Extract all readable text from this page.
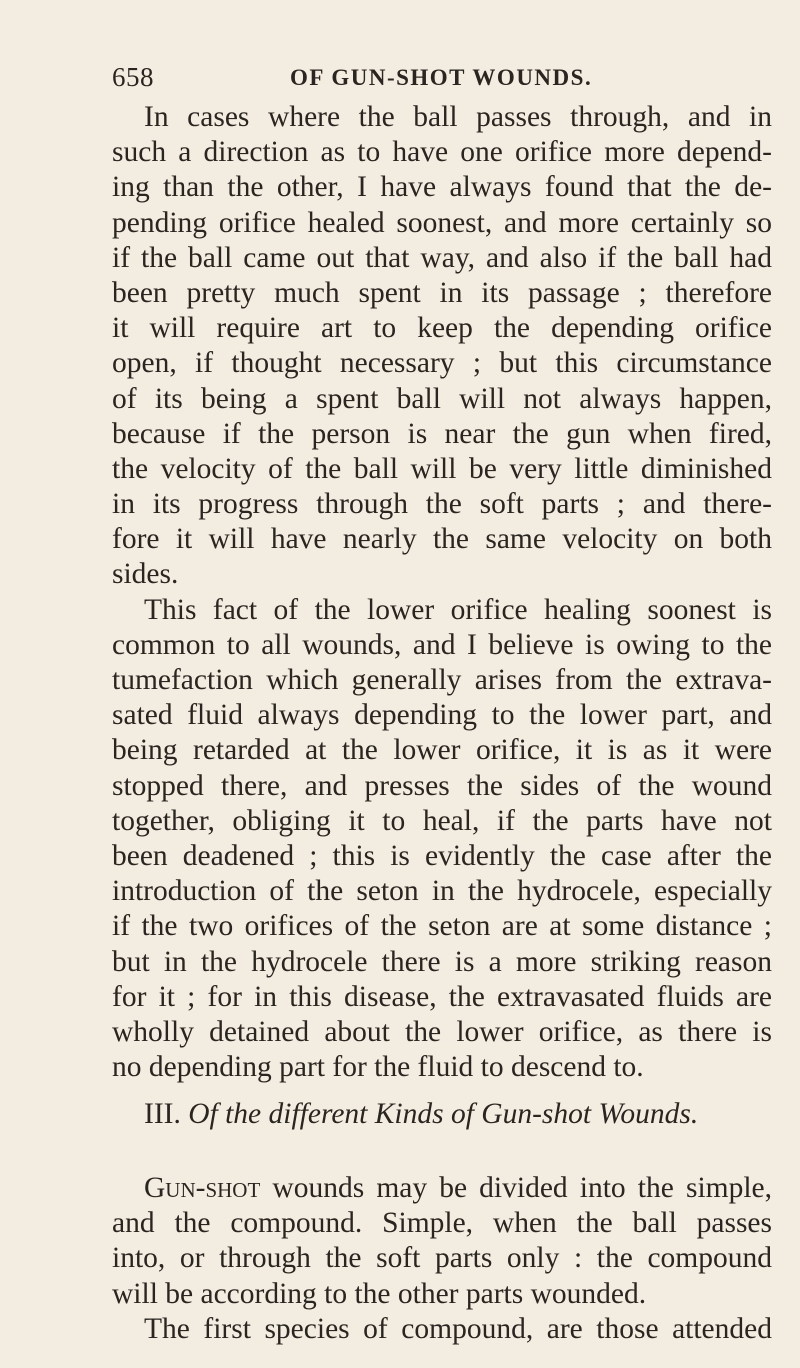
658	OF GUN-SHOT WOUNDS.
In cases where the ball passes through, and in
such a direction as to have one orifice more depend-
ing than the other, I have always found that the de-
pending orifice healed soonest, and more certainly so
if the ball came out that way, and also if the ball had
been pretty much spent in its passage ; therefore
it will require art to keep the depending orifice
open, if thought necessary ; but this circumstance
of its being a spent ball will not always happen,
because if the person is near the gun when fired,
the velocity of the ball will be very little diminished
in its progress through the soft parts ; and there-
fore it will have nearly the same velocity on both
sides.
This fact of the lower orifice healing soonest is
common to all wounds, and I believe is owing to the
tumefaction which generally arises from the extrava-
sated fluid always depending to the lower part, and
being retarded at the lower orifice, it is as it were
stopped there, and presses the sides of the wound
together, obliging it to heal, if the parts have not
been deadened ; this is evidently the case after the
introduction of the seton in the hydrocele, especially
if the two orifices of the seton are at some distance ;
but in the hydrocele there is a more striking reason
for it ; for in this disease, the extravasated fluids are
wholly detained about the lower orifice, as there is
no depending part for the fluid to descend to.
III. Of the different Kinds of Gun-shot Wounds.
Gun-shot wounds may be divided into the simple,
and the compound. Simple, when the ball passes
into, or through the soft parts only : the compound
will be according to the other parts wounded.
The first species of compound, are those attended
